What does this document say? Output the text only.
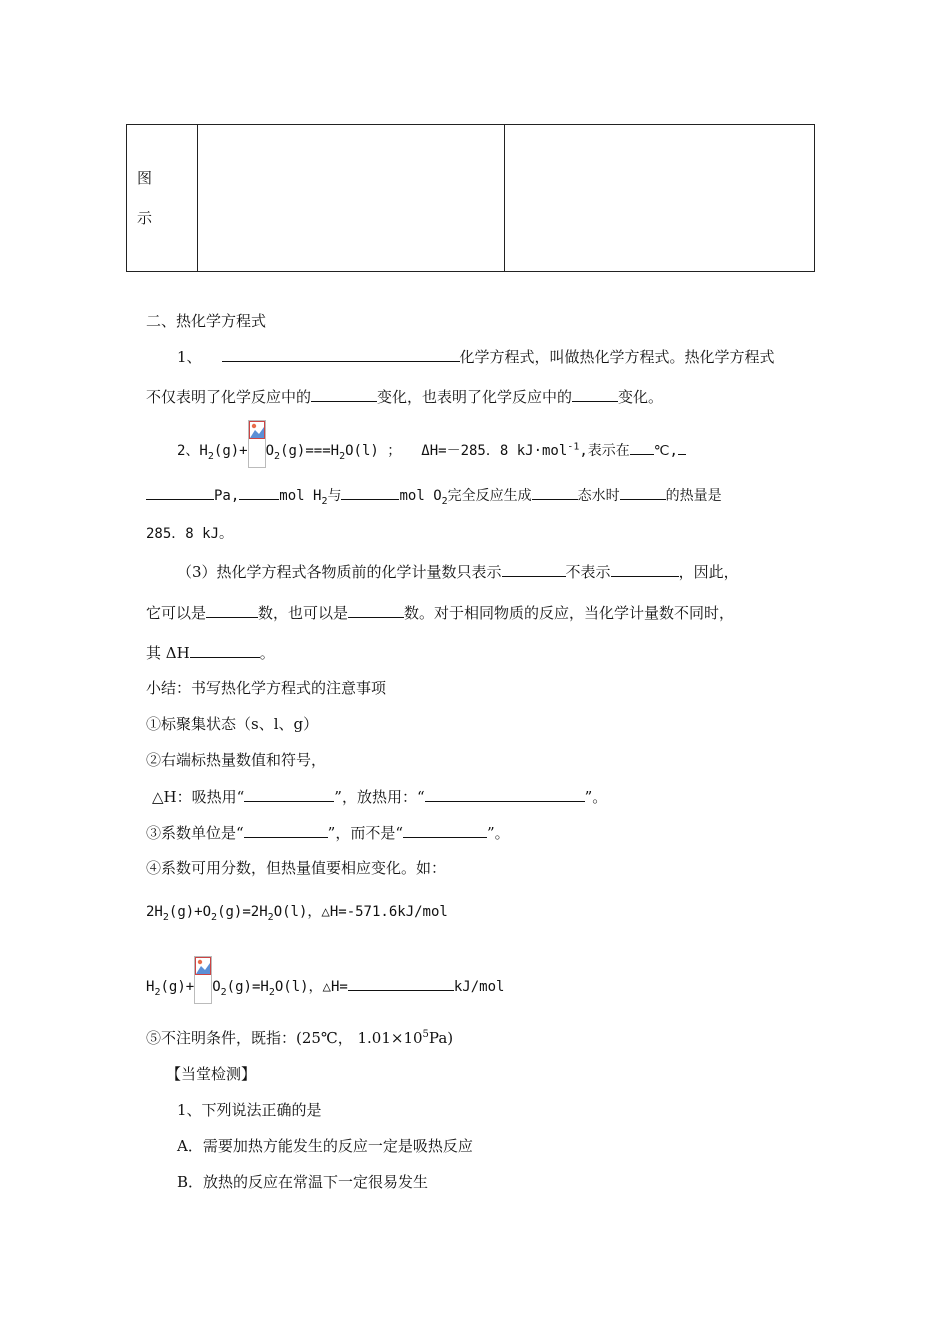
图
示

二、热化学方程式
1、	化学方程式，叫做热化学方程式。热化学方程式
不仅表明了化学反应中的	变化，也表明了化学反应中的	变化。
2、$H_2(g)+ O_2(g)===H_2O(l)$ ； ΔH=－285．8 kJ·mol$^{-1}$,表示在 ℃,
Pa,	mol $H_2$与	mol $O_2$完全反应生成	态水时	的热量是
285．8 kJ。
（3）热化学方程式各物质前的化学计量数只表示	不表示	，因此，
它可以是	数，也可以是	数。对于相同物质的反应，当化学计量数不同时，
其 ΔH	。
小结：书写热化学方程式的注意事项
①标聚集状态（s、l、g）
②右端标热量数值和符号，
△H：吸热用“	”，放热用：“	”。
③系数单位是“	”，而不是“	”。
④系数可用分数，但热量值要相应变化。如：
$2H_2(g)+O_2(g)=2H_2O(l)$，△H=-571.6kJ/mol
$H_2(g)+ O_2(g)=H_2O(l)$，△H=	kJ/mol
⑤不注明条件，既指：(25℃， $1.01\times 10^5Pa$)
【当堂检测】
1、下列说法正确的是
A．需要加热方能发生的反应一定是吸热反应
B．放热的反应在常温下一定很易发生
